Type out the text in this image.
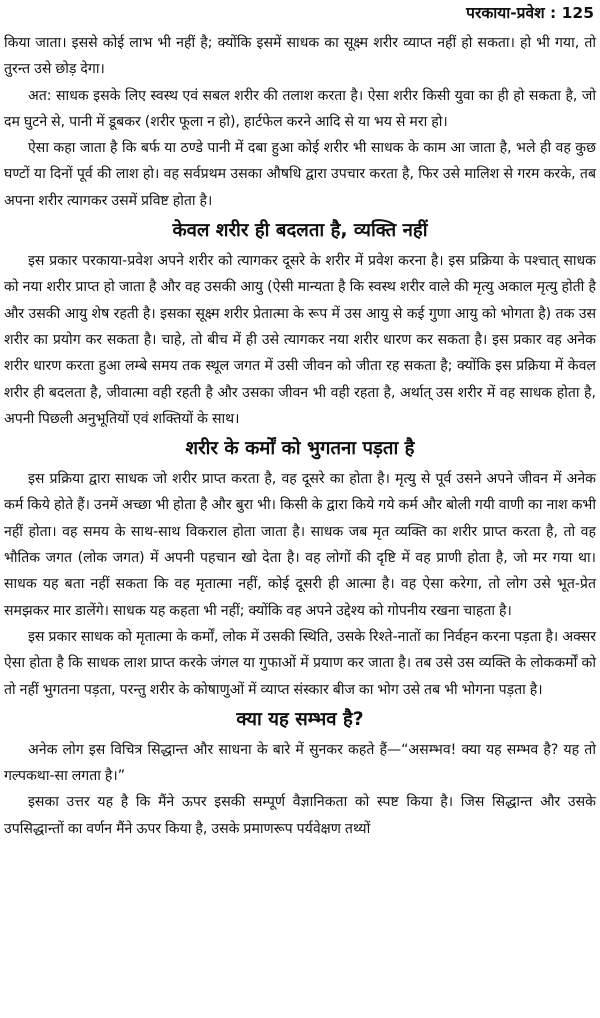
परकाया-प्रवेश : 125

किया जाता। इससे कोई लाभ भी नहीं है; क्योंकि इसमें साधक का सूक्ष्म शरीर व्याप्त नहीं हो सकता। हो भी गया, तो तुरन्त उसे छोड़ देगा।

अत: साधक इसके लिए स्वस्थ एवं सबल शरीर की तलाश करता है। ऐसा शरीर किसी युवा का ही हो सकता है, जो दम घुटने से, पानी में डूबकर (शरीर फूला न हो), हार्टफेल करने आदि से या भय से मरा हो।

ऐसा कहा जाता है कि बर्फ या ठण्डे पानी में दबा हुआ कोई शरीर भी साधक के काम आ जाता है, भले ही वह कुछ घण्टों या दिनों पूर्व की लाश हो। वह सर्वप्रथम उसका औषधि द्वारा उपचार करता है, फिर उसे मालिश से गरम करके, तब अपना शरीर त्यागकर उसमें प्रविष्ट होता है।

केवल शरीर ही बदलता है, व्यक्ति नहीं

इस प्रकार परकाया-प्रवेश अपने शरीर को त्यागकर दूसरे के शरीर में प्रवेश करना है। इस प्रक्रिया के पश्चात् साधक को नया शरीर प्राप्त हो जाता है और वह उसकी आयु (ऐसी मान्यता है कि स्वस्थ शरीर वाले की मृत्यु अकाल मृत्यु होती है और उसकी आयु शेष रहती है। इसका सूक्ष्म शरीर प्रेतात्मा के रूप में उस आयु से कई गुणा आयु को भोगता है) तक उस शरीर का प्रयोग कर सकता है। चाहे, तो बीच में ही उसे त्यागकर नया शरीर धारण कर सकता है। इस प्रकार वह अनेक शरीर धारण करता हुआ लम्बे समय तक स्थूल जगत में उसी जीवन को जीता रह सकता है; क्योंकि इस प्रक्रिया में केवल शरीर ही बदलता है, जीवात्मा वही रहती है और उसका जीवन भी वही रहता है, अर्थात् उस शरीर में वह साधक होता है, अपनी पिछली अनुभूतियों एवं शक्तियों के साथ।

शरीर के कर्मों को भुगतना पड़ता है

इस प्रक्रिया द्वारा साधक जो शरीर प्राप्त करता है, वह दूसरे का होता है। मृत्यु से पूर्व उसने अपने जीवन में अनेक कर्म किये होते हैं। उनमें अच्छा भी होता है और बुरा भी। किसी के द्वारा किये गये कर्म और बोली गयी वाणी का नाश कभी नहीं होता। वह समय के साथ-साथ विकराल होता जाता है। साधक जब मृत व्यक्ति का शरीर प्राप्त करता है, तो वह भौतिक जगत (लोक जगत) में अपनी पहचान खो देता है। वह लोगों की दृष्टि में वह प्राणी होता है, जो मर गया था। साधक यह बता नहीं सकता कि वह मृतात्मा नहीं, कोई दूसरी ही आत्मा है। वह ऐसा करेगा, तो लोग उसे भूत-प्रेत समझकर मार डालेंगे। साधक यह कहता भी नहीं; क्योंकि वह अपने उद्देश्य को गोपनीय रखना चाहता है।

इस प्रकार साधक को मृतात्मा के कर्मों, लोक में उसकी स्थिति, उसके रिश्ते-नातों का निर्वहन करना पड़ता है। अक्सर ऐसा होता है कि साधक लाश प्राप्त करके जंगल या गुफाओं में प्रयाण कर जाता है। तब उसे उस व्यक्ति के लोककर्मों को तो नहीं भुगतना पड़ता, परन्तु शरीर के कोषाणुओं में व्याप्त संस्कार बीज का भोग उसे तब भी भोगना पड़ता है।

क्या यह सम्भव है?

अनेक लोग इस विचित्र सिद्धान्त और साधना के बारे में सुनकर कहते हैं—“असम्भव! क्या यह सम्भव है? यह तो गल्पकथा-सा लगता है।”

इसका उत्तर यह है कि मैंने ऊपर इसकी सम्पूर्ण वैज्ञानिकता को स्पष्ट किया है। जिस सिद्धान्त और उसके उपसिद्धान्तों का वर्णन मैंने ऊपर किया है, उसके प्रमाणरूप पर्यवेक्षण तथ्यों
